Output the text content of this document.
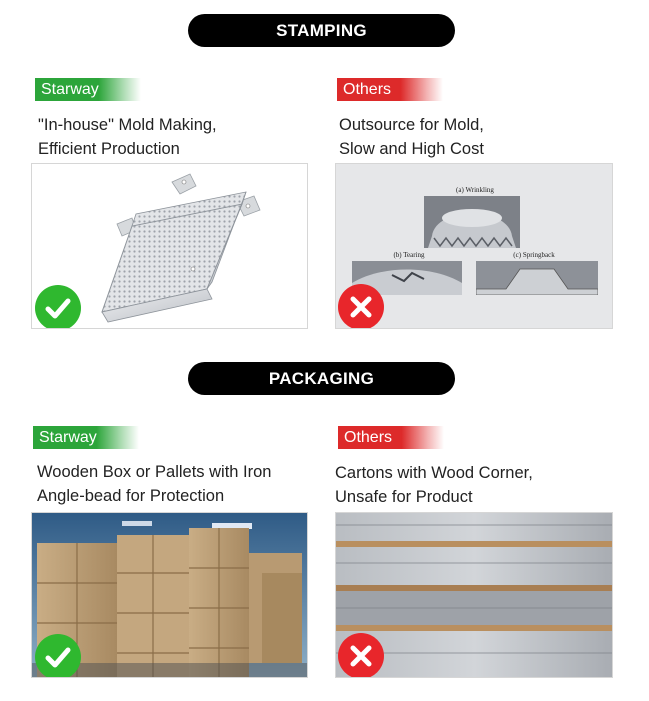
STAMPING
Starway	Others
"In-house" Mold Making,
Efficient Production
Outsource for Mold,
Slow and High Cost
(a) Wrinkling
(b) Tearing	(c) Springback
PACKAGING
Starway	Others
Wooden Box or Pallets with Iron
Angle-bead for Protection
Cartons with Wood Corner,
Unsafe for Product
